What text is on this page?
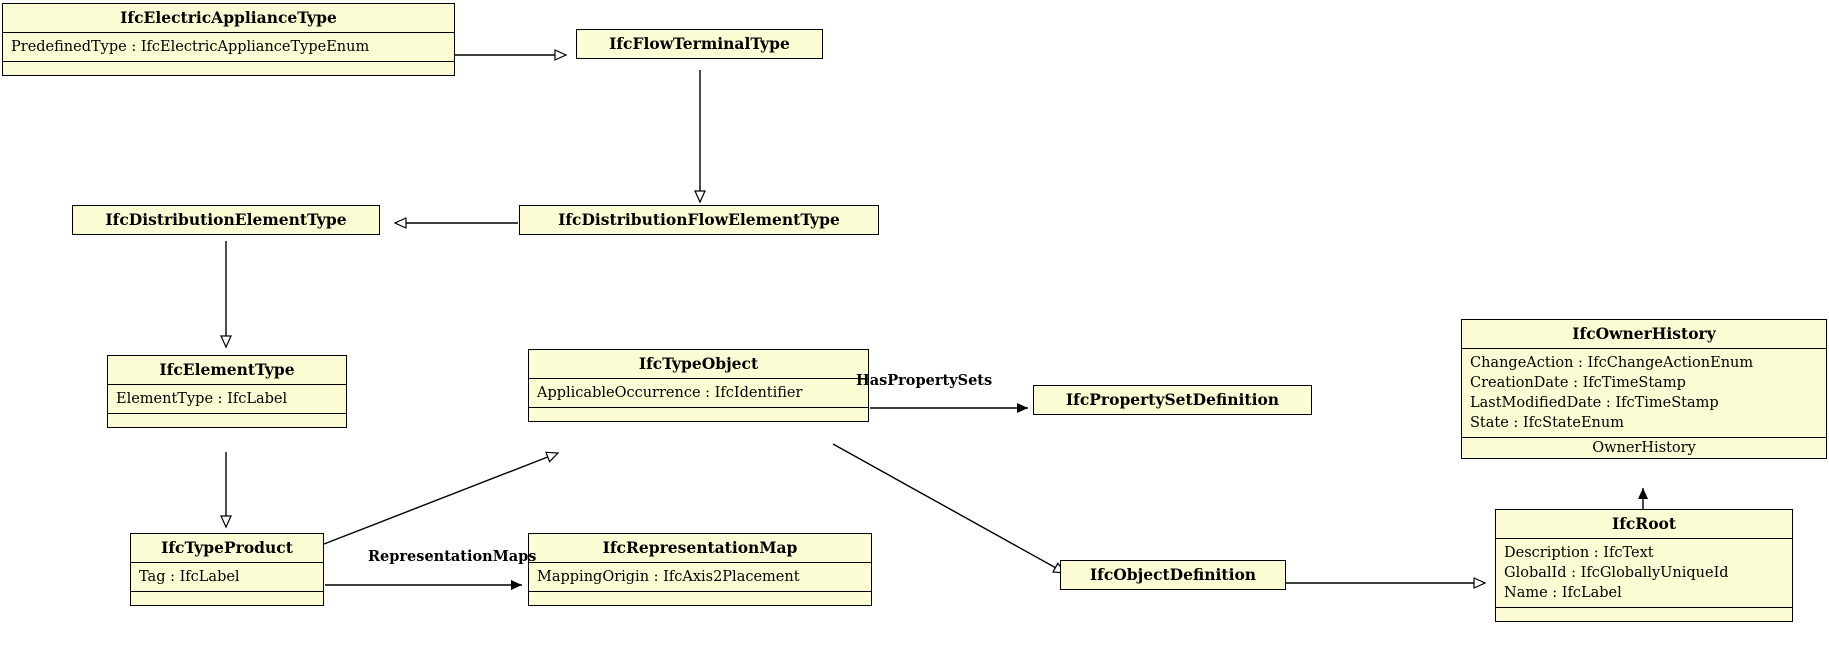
IfcElectricApplianceType
PredefinedType : IfcElectricApplianceTypeEnum	IfcFlowTerminalType
IfcDistributionElementType	IfcDistributionFlowElementType
IfcElementType
ElementType : IfcLabel
IfcTypeObject
ApplicableOccurrence : IfcIdentifier	IfcPropertySetDefinition
IfcOwnerHistory
ChangeAction : IfcChangeActionEnum
CreationDate : IfcTimeStamp
LastModifiedDate : IfcTimeStamp
State : IfcStateEnum
OwnerHistory
IfcTypeProduct
Tag : IfcLabel
IfcRepresentationMap
MappingOrigin : IfcAxis2Placement	IfcObjectDefinition
IfcRoot
Description : IfcText
GlobalId : IfcGloballyUniqueId
Name : IfcLabel
HasPropertySets
RepresentationMaps
